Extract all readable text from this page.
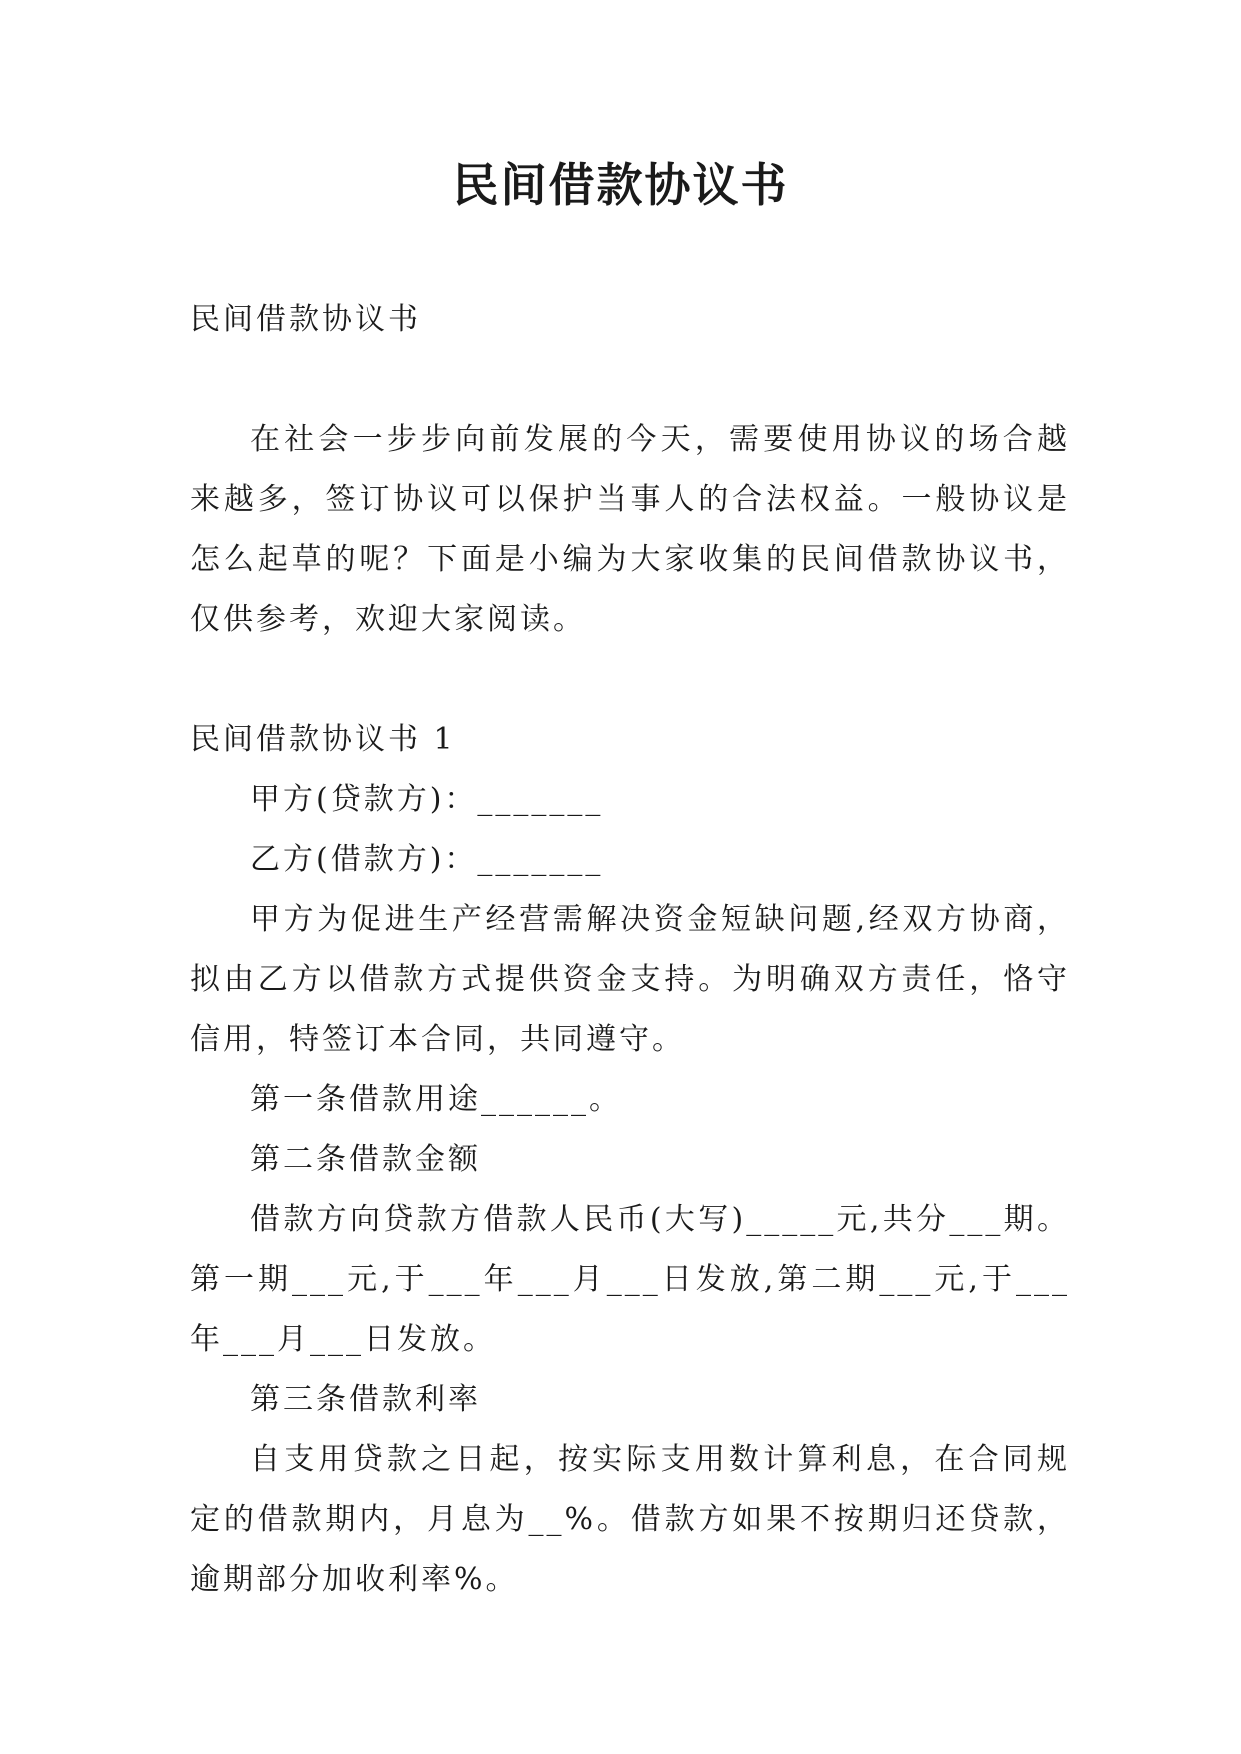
民间借款协议书

民间借款协议书

在社会一步步向前发展的今天，需要使用协议的场合越来越多，签订协议可以保护当事人的合法权益。一般协议是怎么起草的呢？下面是小编为大家收集的民间借款协议书，仅供参考，欢迎大家阅读。

民间借款协议书 1

甲方(贷款方)：_______

乙方(借款方)：_______

甲方为促进生产经营需解决资金短缺问题,经双方协商，拟由乙方以借款方式提供资金支持。为明确双方责任，恪守信用，特签订本合同，共同遵守。

第一条借款用途______。

第二条借款金额

借款方向贷款方借款人民币(大写)_____元,共分___期。第一期___元,于___年___月___日发放,第二期___元,于___年___月___日发放。

第三条借款利率

自支用贷款之日起，按实际支用数计算利息，在合同规定的借款期内，月息为__%。借款方如果不按期归还贷款，逾期部分加收利率%。
